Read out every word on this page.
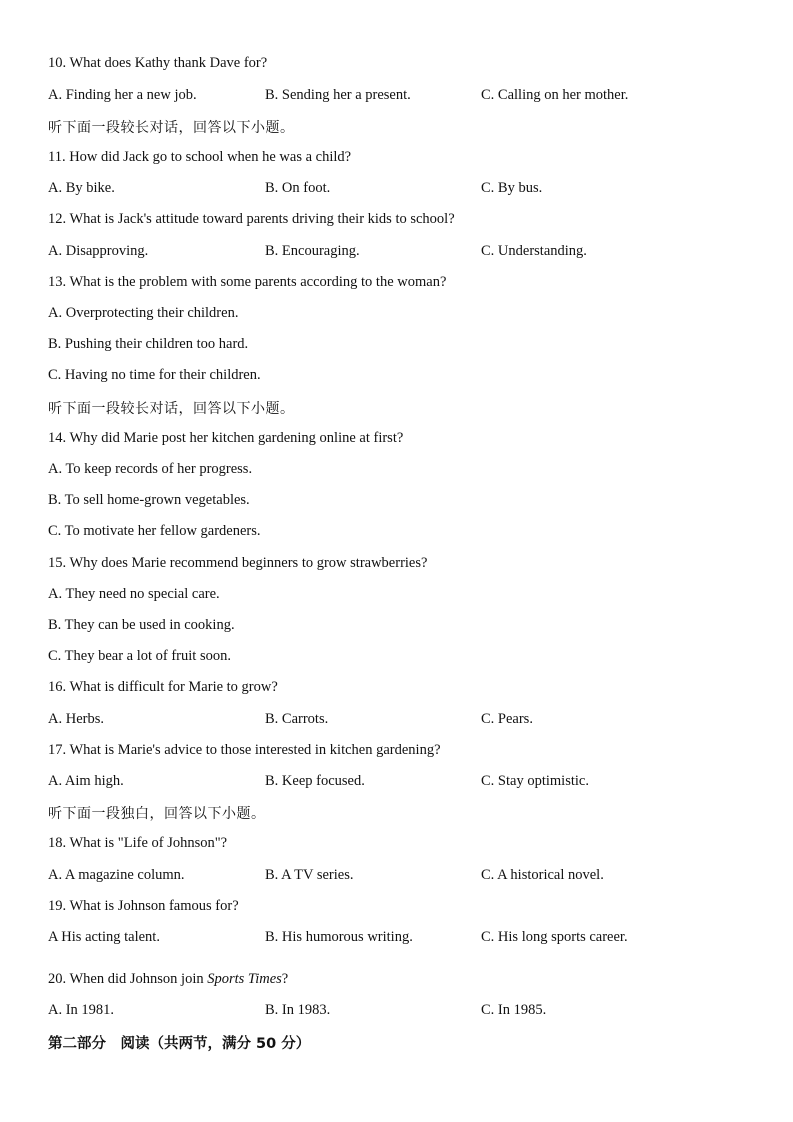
10. What does Kathy thank Dave for?
A. Finding her a new job.	B. Sending her a present.	C. Calling on her mother.
听下面一段较长对话，回答以下小题。
11. How did Jack go to school when he was a child?
A. By bike.	B. On foot.	C. By bus.
12. What is Jack's attitude toward parents driving their kids to school?
A. Disapproving.	B. Encouraging.	C. Understanding.
13. What is the problem with some parents according to the woman?
A. Overprotecting their children.
B. Pushing their children too hard.
C. Having no time for their children.
听下面一段较长对话，回答以下小题。
14. Why did Marie post her kitchen gardening online at first?
A. To keep records of her progress.
B. To sell home-grown vegetables.
C. To motivate her fellow gardeners.
15. Why does Marie recommend beginners to grow strawberries?
A. They need no special care.
B. They can be used in cooking.
C. They bear a lot of fruit soon.
16. What is difficult for Marie to grow?
A. Herbs.	B. Carrots.	C. Pears.
17. What is Marie's advice to those interested in kitchen gardening?
A. Aim high.	B. Keep focused.	C. Stay optimistic.
听下面一段独白，回答以下小题。
18. What is "Life of Johnson"?
A. A magazine column.	B. A TV series.	C. A historical novel.
19. What is Johnson famous for?
A His acting talent.	B. His humorous writing.	C. His long sports career.
20. When did Johnson join Sports Times?
A. In 1981.	B. In 1983.	C. In 1985.
第二部分　阅读（共两节，满分 50 分）
